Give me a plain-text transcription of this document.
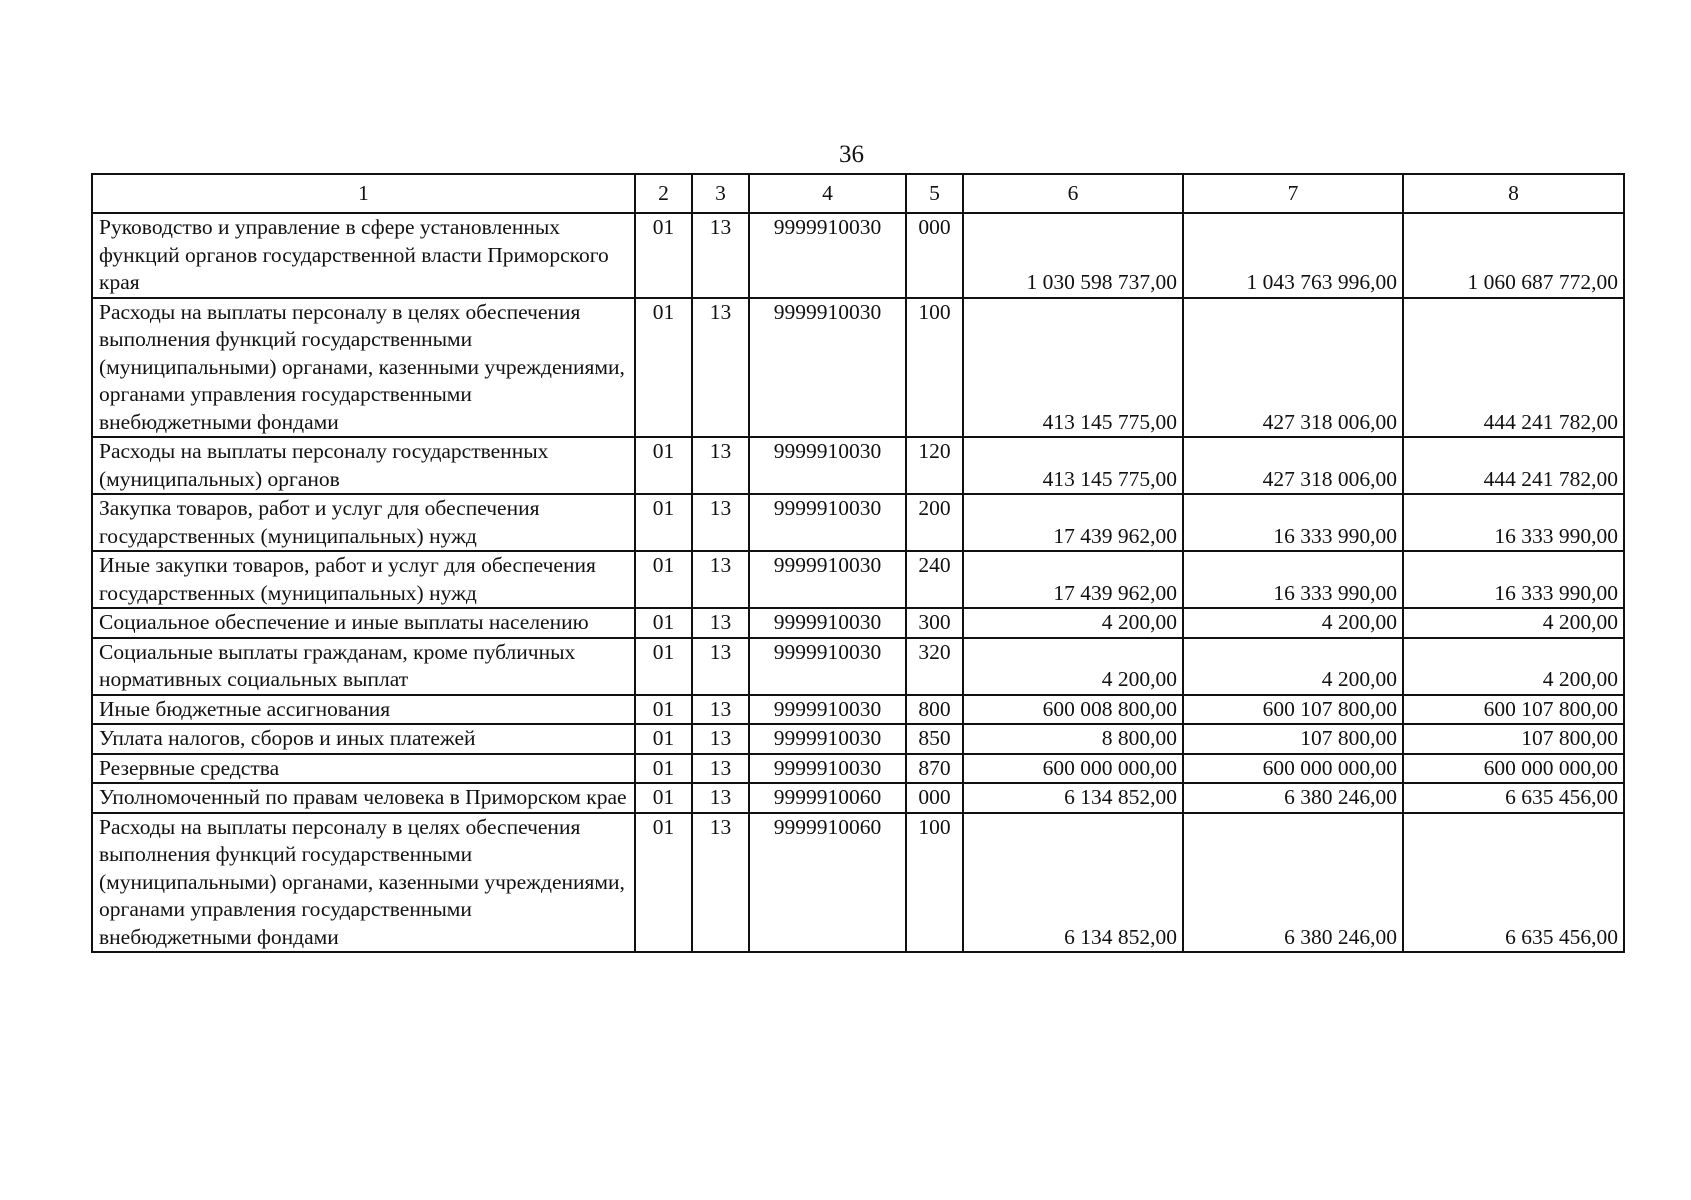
36
1	2	3	4	5	6	7	8
Руководство и управление в сфере установленных функций органов государственной власти Приморского края	01	13	9999910030	000	1 030 598 737,00	1 043 763 996,00	1 060 687 772,00
Расходы на выплаты персоналу в целях обеспечения выполнения функций государственными (муниципальными) органами, казенными учреждениями, органами управления государственными внебюджетными фондами	01	13	9999910030	100	413 145 775,00	427 318 006,00	444 241 782,00
Расходы на выплаты персоналу государственных (муниципальных) органов	01	13	9999910030	120	413 145 775,00	427 318 006,00	444 241 782,00
Закупка товаров, работ и услуг для обеспечения государственных (муниципальных) нужд	01	13	9999910030	200	17 439 962,00	16 333 990,00	16 333 990,00
Иные закупки товаров, работ и услуг для обеспечения государственных (муниципальных) нужд	01	13	9999910030	240	17 439 962,00	16 333 990,00	16 333 990,00
Социальное обеспечение и иные выплаты населению	01	13	9999910030	300	4 200,00	4 200,00	4 200,00
Социальные выплаты гражданам, кроме публичных нормативных социальных выплат	01	13	9999910030	320	4 200,00	4 200,00	4 200,00
Иные бюджетные ассигнования	01	13	9999910030	800	600 008 800,00	600 107 800,00	600 107 800,00
Уплата налогов, сборов и иных платежей	01	13	9999910030	850	8 800,00	107 800,00	107 800,00
Резервные средства	01	13	9999910030	870	600 000 000,00	600 000 000,00	600 000 000,00
Уполномоченный по правам человека в Приморском крае	01	13	9999910060	000	6 134 852,00	6 380 246,00	6 635 456,00
Расходы на выплаты персоналу в целях обеспечения выполнения функций государственными (муниципальными) органами, казенными учреждениями, органами управления государственными внебюджетными фондами	01	13	9999910060	100	6 134 852,00	6 380 246,00	6 635 456,00
